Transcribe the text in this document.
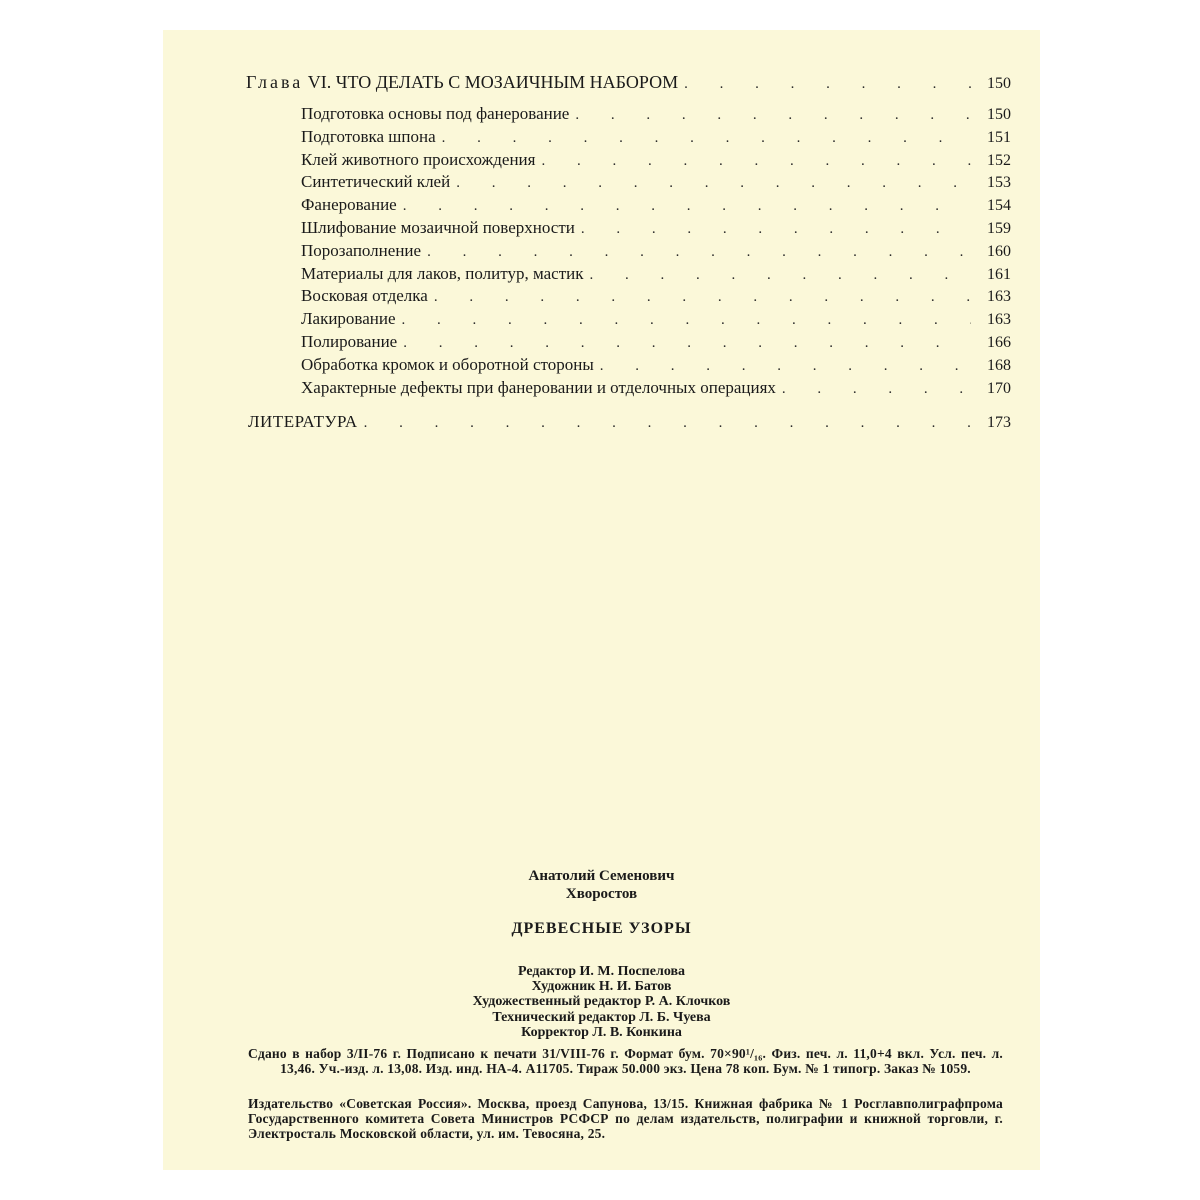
Глава VI. ЧТО ДЕЛАТЬ С МОЗАИЧНЫМ НАБОРОМ . . .	150
Подготовка основы под фанерование . . .	150
Подготовка шпона . . .	151
Клей животного происхождения . . .	152
Синтетический клей . . .	153
Фанерование . . .	154
Шлифование мозаичной поверхности . . .	159
Порозаполнение . . .	160
Материалы для лаков, политур, мастик . . .	161
Восковая отделка . . .	163
Лакирование . . .	163
Полирование . . .	166
Обработка кромок и оборотной стороны . . .	168
Характерные дефекты при фанеровании и отделочных операциях . . .	170
ЛИТЕРАТУРА . . .	173
Анатолий Семенович
Хворостов
ДРЕВЕСНЫЕ УЗОРЫ
Редактор И. М. Поспелова
Художник Н. И. Батов
Художественный редактор Р. А. Клочков
Технический редактор Л. Б. Чуева
Корректор Л. В. Конкина

Сдано в набор 3/II-76 г. Подписано к печати 31/VIII-76 г. Формат бум. 70×90¹/₁₆. Физ. печ. л. 11,0+4 вкл. Усл. печ. л. 13,46. Уч.-изд. л. 13,08. Изд. инд. НА-4. А11705. Тираж 50.000 экз. Цена 78 коп. Бум. № 1 типогр. Заказ № 1059.

Издательство «Советская Россия». Москва, проезд Сапунова, 13/15. Книжная фабрика № 1 Росглавполиграфпрома Государственного комитета Совета Министров РСФСР по делам издательств, полиграфии и книжной торговли, г. Электросталь Московской области, ул. им. Тевосяна, 25.
